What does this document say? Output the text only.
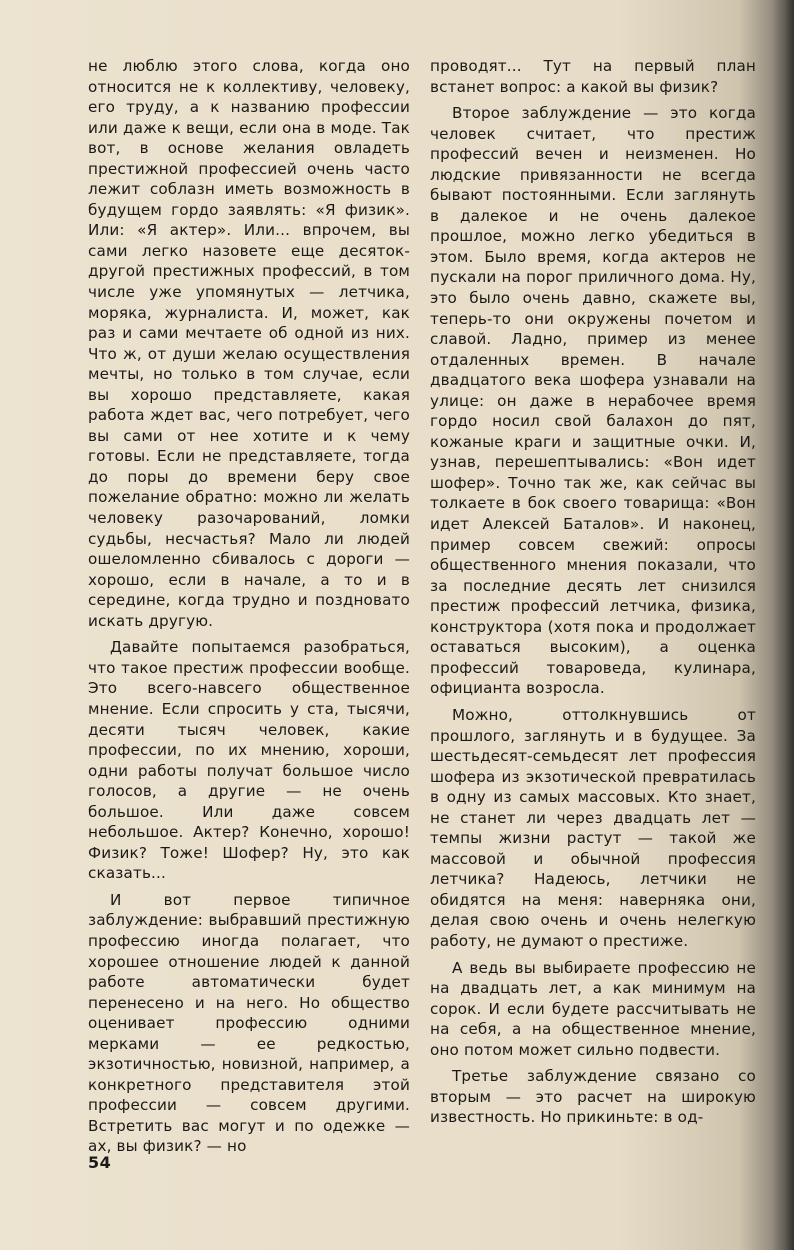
не люблю этого слова, когда оно относится не к коллективу, человеку, его труду, а к названию профессии или даже к вещи, если она в моде. Так вот, в основе желания овладеть престижной профессией очень часто лежит соблазн иметь возможность в будущем гордо заявлять: «Я физик». Или: «Я актер». Или... впрочем, вы сами легко назовете еще десяток-другой престижных профессий, в том числе уже упомянутых — летчика, моряка, журналиста. И, может, как раз и сами мечтаете об одной из них. Что ж, от души желаю осуществления мечты, но только в том случае, если вы хорошо представляете, какая работа ждет вас, чего потребует, чего вы сами от нее хотите и к чему готовы. Если не представляете, тогда до поры до времени беру свое пожелание обратно: можно ли желать человеку разочарований, ломки судьбы, несчастья? Мало ли людей ошеломленно сбивалось с дороги — хорошо, если в начале, а то и в середине, когда трудно и поздновато искать другую.

Давайте попытаемся разобраться, что такое престиж профессии вообще. Это всего-навсего общественное мнение. Если спросить у ста, тысячи, десяти тысяч человек, какие профессии, по их мнению, хороши, одни работы получат большое число голосов, а другие — не очень большое. Или даже совсем небольшое. Актер? Конечно, хорошо! Физик? Тоже! Шофер? Ну, это как сказать...

И вот первое типичное заблуждение: выбравший престижную профессию иногда полагает, что хорошее отношение людей к данной работе автоматически будет перенесено и на него. Но общество оценивает профессию одними мерками — ее редкостью, экзотичностью, новизной, например, а конкретного представителя этой профессии — совсем другими. Встретить вас могут и по одежке — ах, вы физик? — но

проводят... Тут на первый план встанет вопрос: а какой вы физик?

Второе заблуждение — это когда человек считает, что престиж профессий вечен и неизменен. Но людские привязанности не всегда бывают постоянными. Если заглянуть в далекое и не очень далекое прошлое, можно легко убедиться в этом. Было время, когда актеров не пускали на порог приличного дома. Ну, это было очень давно, скажете вы, теперь-то они окружены почетом и славой. Ладно, пример из менее отдаленных времен. В начале двадцатого века шофера узнавали на улице: он даже в нерабочее время гордо носил свой балахон до пят, кожаные краги и защитные очки. И, узнав, перешептывались: «Вон идет шофер». Точно так же, как сейчас вы толкаете в бок своего товарища: «Вон идет Алексей Баталов». И наконец, пример совсем свежий: опросы общественного мнения показали, что за последние десять лет снизился престиж профессий летчика, физика, конструктора (хотя пока и продолжает оставаться высоким), а оценка профессий товароведа, кулинара, официанта возросла.

Можно, оттолкнувшись от прошлого, заглянуть и в будущее. За шестьдесят-семьдесят лет профессия шофера из экзотической превратилась в одну из самых массовых. Кто знает, не станет ли через двадцать лет — темпы жизни растут — такой же массовой и обычной профессия летчика? Надеюсь, летчики не обидятся на меня: наверняка они, делая свою очень и очень нелегкую работу, не думают о престиже.

А ведь вы выбираете профессию не на двадцать лет, а как минимум на сорок. И если будете рассчитывать не на себя, а на общественное мнение, оно потом может сильно подвести.

Третье заблуждение связано со вторым — это расчет на широкую известность. Но прикиньте: в од-

54
